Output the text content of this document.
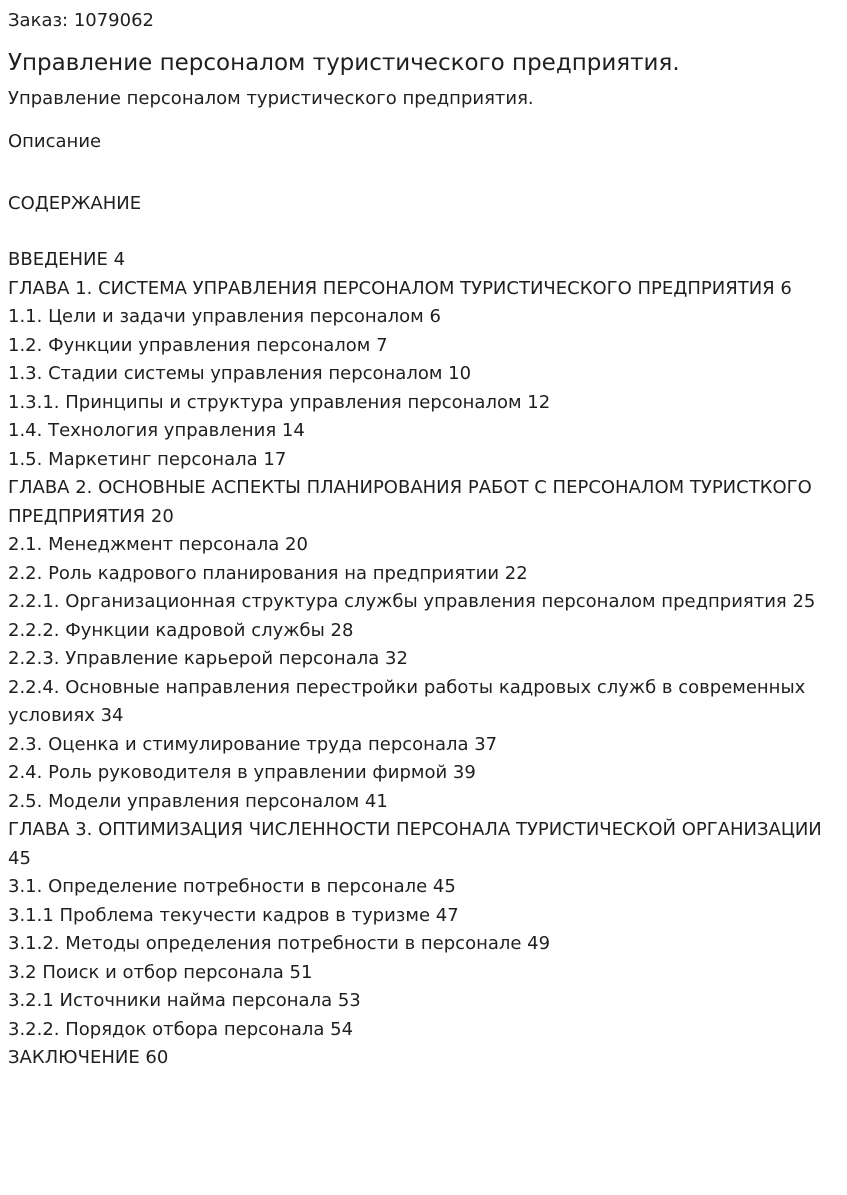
Заказ: 1079062
Управление персоналом туристического предприятия.
Управление персоналом туристического предприятия.
Описание
СОДЕРЖАНИЕ
ВВЕДЕНИЕ 4
ГЛАВА 1. СИСТЕМА УПРАВЛЕНИЯ ПЕРСОНАЛОМ ТУРИСТИЧЕСКОГО ПРЕДПРИЯТИЯ 6
1.1. Цели и задачи управления персоналом 6
1.2. Функции управления персоналом 7
1.3. Стадии системы управления персоналом 10
1.3.1. Принципы и структура управления персоналом 12
1.4. Технология управления 14
1.5. Маркетинг персонала 17
ГЛАВА 2. ОСНОВНЫЕ АСПЕКТЫ ПЛАНИРОВАНИЯ РАБОТ С ПЕРСОНАЛОМ ТУРИСТКОГО ПРЕДПРИЯТИЯ 20
2.1. Менеджмент персонала 20
2.2. Роль кадрового планирования на предприятии 22
2.2.1. Организационная структура службы управления персоналом предприятия 25
2.2.2. Функции кадровой службы 28
2.2.3. Управление карьерой персонала 32
2.2.4. Основные направления перестройки работы кадровых служб в современных условиях 34
2.3. Оценка и стимулирование труда персонала 37
2.4. Роль руководителя в управлении фирмой 39
2.5. Модели управления персоналом 41
ГЛАВА 3. ОПТИМИЗАЦИЯ ЧИСЛЕННОСТИ ПЕРСОНАЛА ТУРИСТИЧЕСКОЙ ОРГАНИЗАЦИИ 45
3.1. Определение потребности в персонале 45
3.1.1 Проблема текучести кадров в туризме 47
3.1.2. Методы определения потребности в персонале 49
3.2 Поиск и отбор персонала 51
3.2.1 Источники найма персонала 53
3.2.2. Порядок отбора персонала 54
ЗАКЛЮЧЕНИЕ 60
